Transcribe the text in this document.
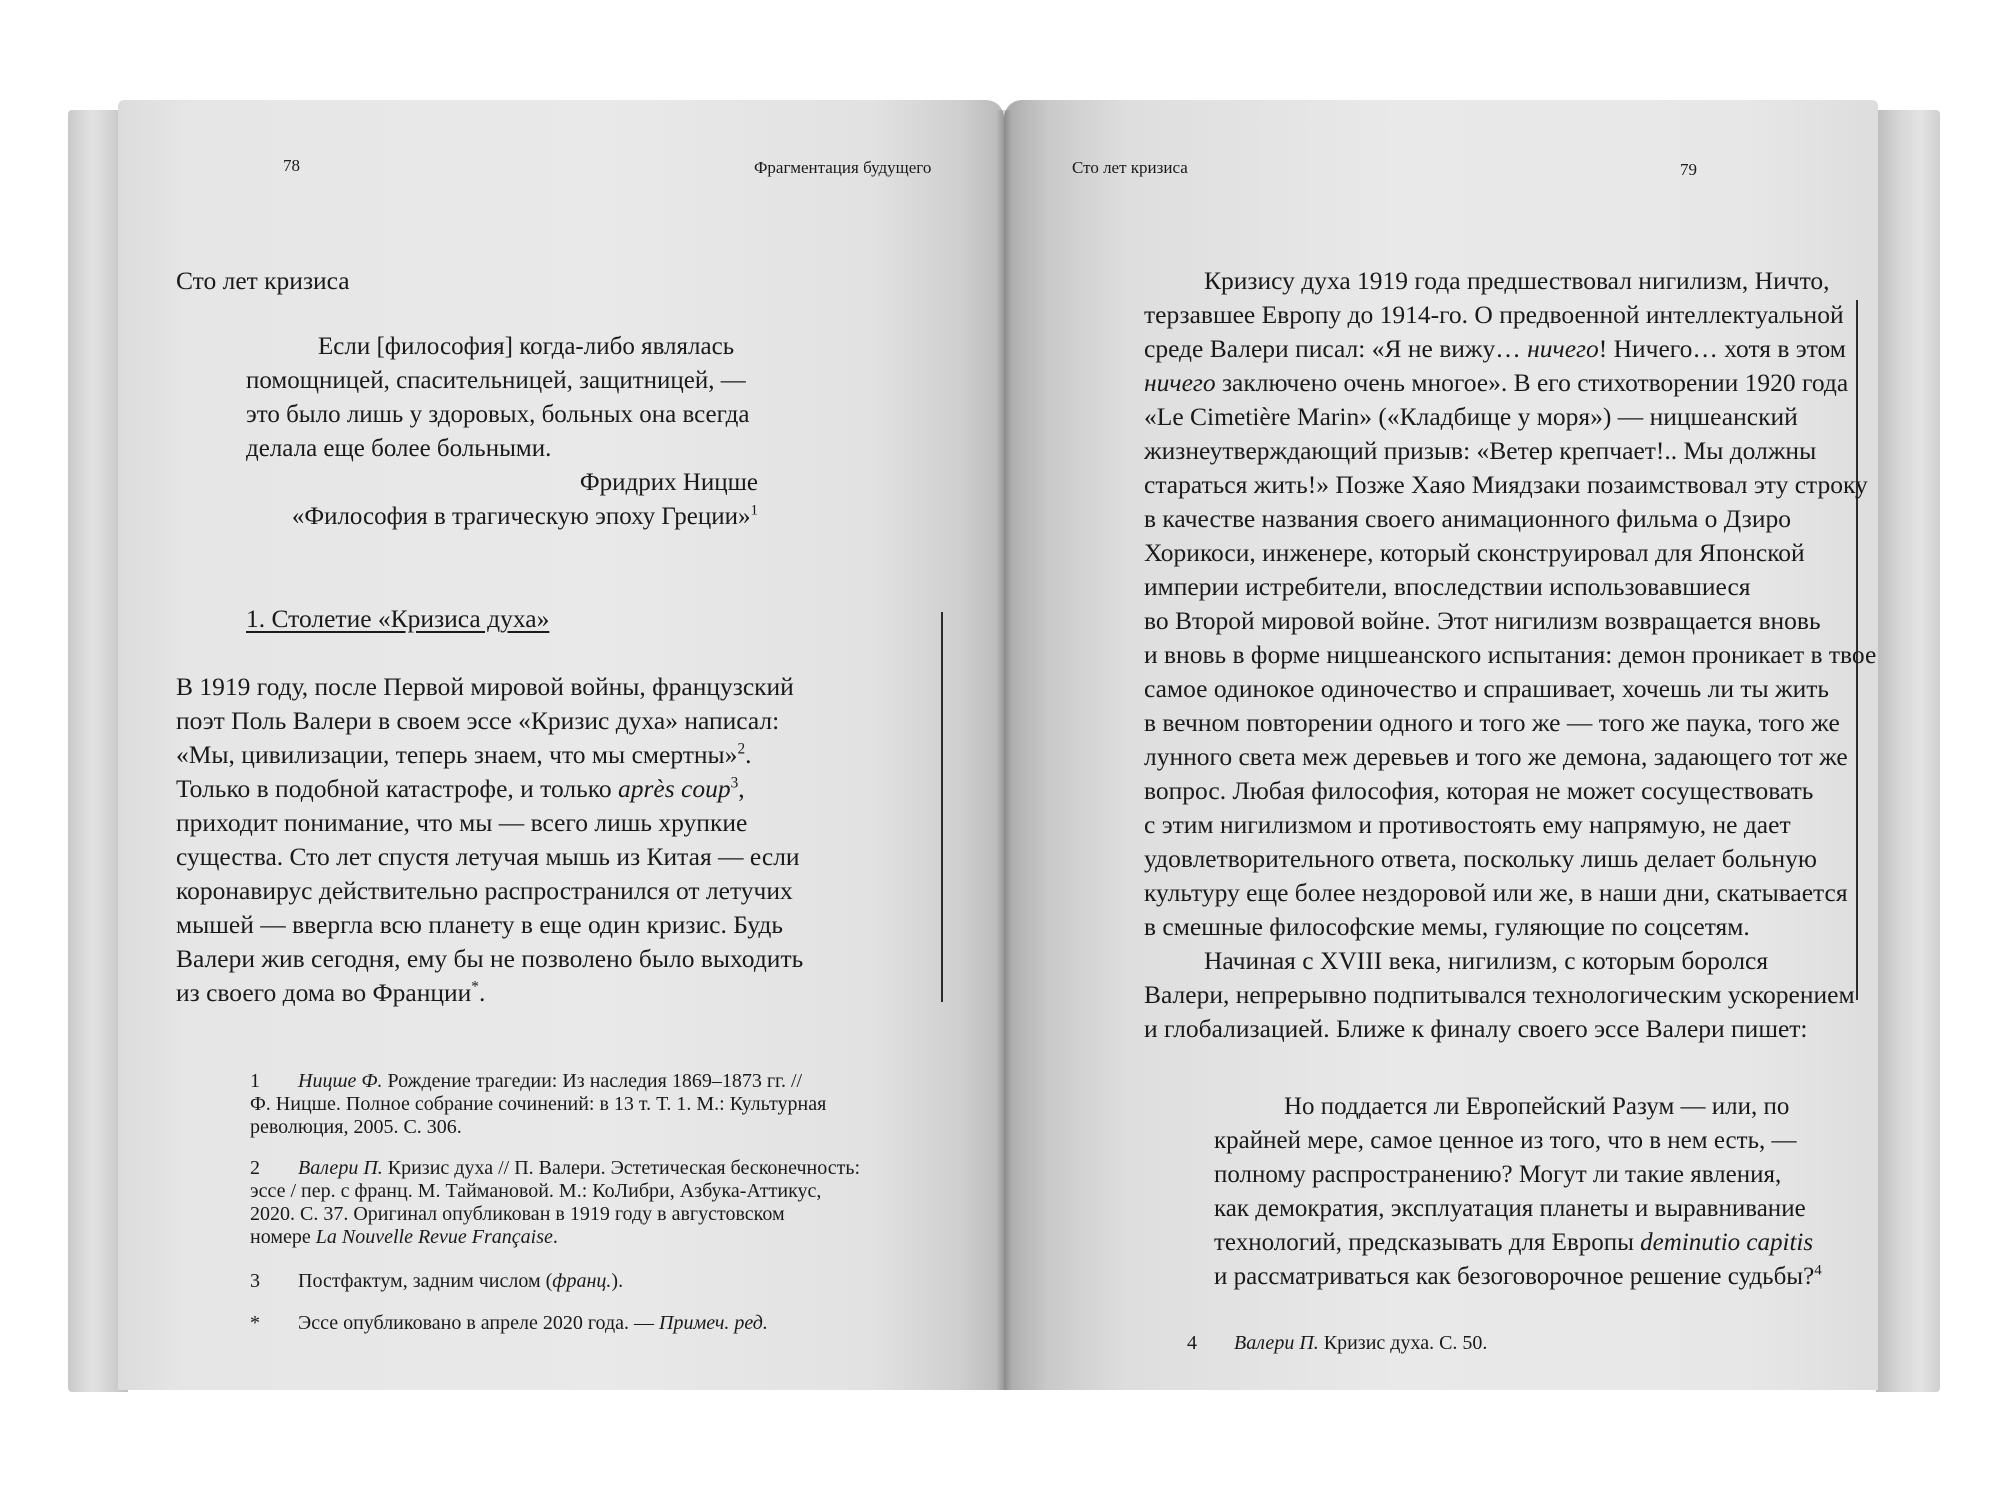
78	Фрагментация будущего
Сто лет кризиса
Если [философия] когда-либо являлась
помощницей, спасительницей, защитницей, —
это было лишь у здоровых, больных она всегда
делала еще более больными.
Фридрих Ницше
«Философия в трагическую эпоху Греции»$^1$
1. Столетие «Кризиса духа»
В 1919 году, после Первой мировой войны, французский
поэт Поль Валери в своем эссе «Кризис духа» написал:
«Мы, цивилизации, теперь знаем, что мы смертны»$^2$.
Только в подобной катастрофе, и только après coup$^3$,
приходит понимание, что мы — всего лишь хрупкие
существа. Сто лет спустя летучая мышь из Китая — если
коронавирус действительно распространился от летучих
мышей — ввергла всю планету в еще один кризис. Будь
Валери жив сегодня, ему бы не позволено было выходить
из своего дома во Франции*.
1 Ницше Ф. Рождение трагедии: Из наследия 1869–1873 гг. //
Ф. Ницше. Полное собрание сочинений: в 13 т. Т. 1. М.: Культурная
революция, 2005. С. 306.
2 Валери П. Кризис духа // П. Валери. Эстетическая бесконечность:
эссе / пер. с франц. М. Таймановой. М.: КоЛибри, Азбука-Аттикус,
2020. С. 37. Оригинал опубликован в 1919 году в августовском
номере La Nouvelle Revue Française.
3 Постфактум, задним числом (франц.).
* Эссе опубликовано в апреле 2020 года. — Примеч. ред.
Сто лет кризиса	79
Кризису духа 1919 года предшествовал нигилизм, Ничто,
терзавшее Европу до 1914-го. О предвоенной интеллектуальной
среде Валери писал: «Я не вижу… ничего! Ничего… хотя в этом
ничего заключено очень многое». В его стихотворении 1920 года
«Le Cimetière Marin» («Кладбище у моря») — ницшеанский
жизнеутверждающий призыв: «Ветер крепчает!.. Мы должны
стараться жить!» Позже Хаяо Миядзаки позаимствовал эту строку
в качестве названия своего анимационного фильма о Дзиро
Хорикоси, инженере, который сконструировал для Японской
империи истребители, впоследствии использовавшиеся
во Второй мировой войне. Этот нигилизм возвращается вновь
и вновь в форме ницшеанского испытания: демон проникает в твое
самое одинокое одиночество и спрашивает, хочешь ли ты жить
в вечном повторении одного и того же — того же паука, того же
лунного света меж деревьев и того же демона, задающего тот же
вопрос. Любая философия, которая не может сосуществовать
с этим нигилизмом и противостоять ему напрямую, не дает
удовлетворительного ответа, поскольку лишь делает больную
культуру еще более нездоровой или же, в наши дни, скатывается
в смешные философские мемы, гуляющие по соцсетям.
Начиная с XVIII века, нигилизм, с которым боролся
Валери, непрерывно подпитывался технологическим ускорением
и глобализацией. Ближе к финалу своего эссе Валери пишет:
Но поддается ли Европейский Разум — или, по
крайней мере, самое ценное из того, что в нем есть, —
полному распространению? Могут ли такие явления,
как демократия, эксплуатация планеты и выравнивание
технологий, предсказывать для Европы deminutio capitis
и рассматриваться как безоговорочное решение судьбы?$^4$
4 Валери П. Кризис духа. С. 50.
